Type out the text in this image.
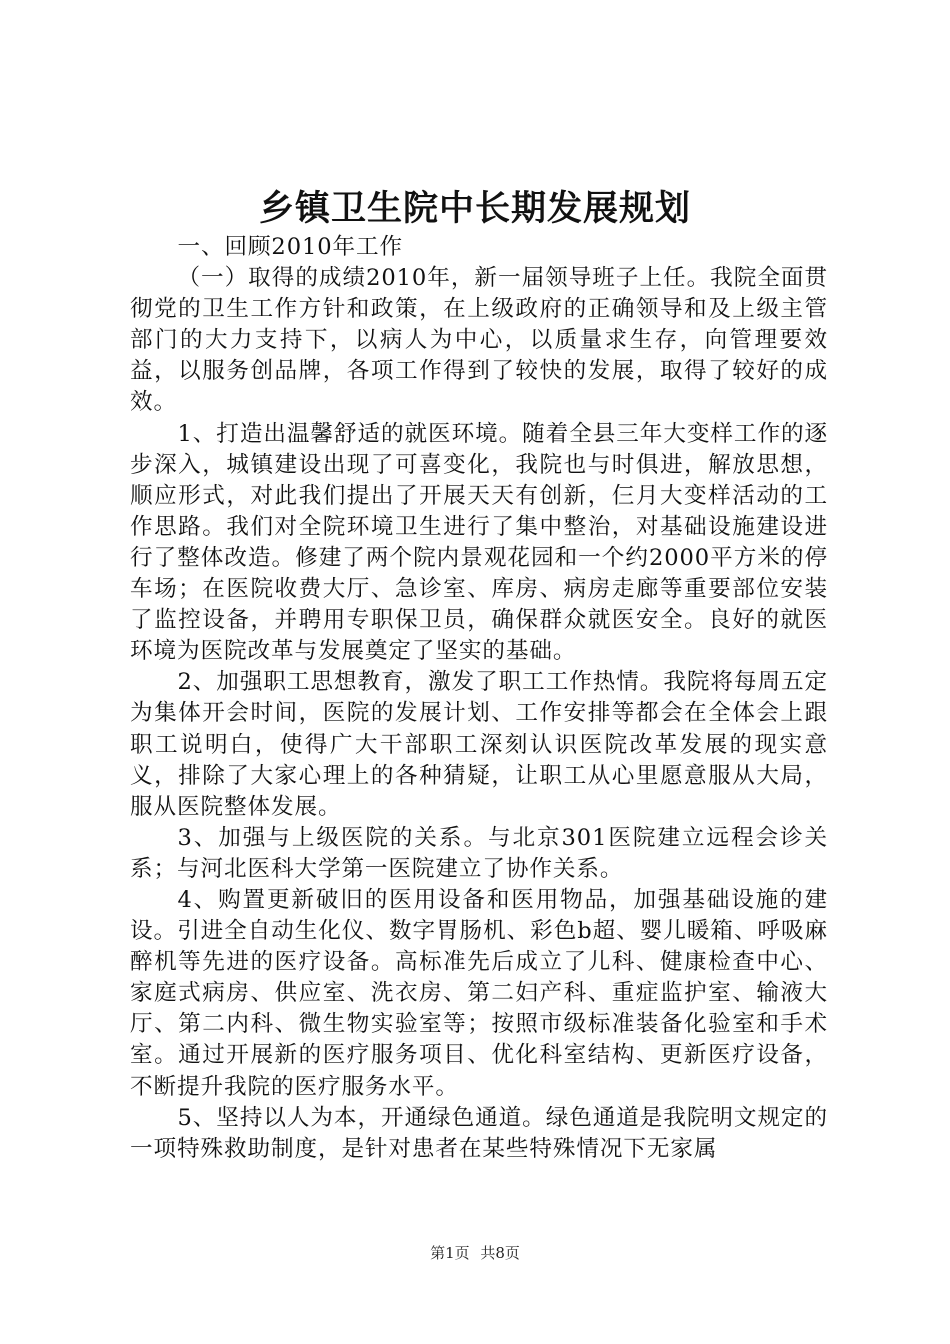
乡镇卫生院中长期发展规划

一、回顾2010年工作

（一）取得的成绩2010年，新一届领导班子上任。我院全面贯彻党的卫生工作方针和政策，在上级政府的正确领导和及上级主管部门的大力支持下，以病人为中心，以质量求生存，向管理要效益，以服务创品牌，各项工作得到了较快的发展，取得了较好的成效。

1、打造出温馨舒适的就医环境。随着全县三年大变样工作的逐步深入，城镇建设出现了可喜变化，我院也与时俱进，解放思想，顺应形式，对此我们提出了开展天天有创新，仨月大变样活动的工作思路。我们对全院环境卫生进行了集中整治，对基础设施建设进行了整体改造。修建了两个院内景观花园和一个约2000平方米的停车场；在医院收费大厅、急诊室、库房、病房走廊等重要部位安装了监控设备，并聘用专职保卫员，确保群众就医安全。良好的就医环境为医院改革与发展奠定了坚实的基础。

2、加强职工思想教育，激发了职工工作热情。我院将每周五定为集体开会时间，医院的发展计划、工作安排等都会在全体会上跟职工说明白，使得广大干部职工深刻认识医院改革发展的现实意义，排除了大家心理上的各种猜疑，让职工从心里愿意服从大局，服从医院整体发展。

3、加强与上级医院的关系。与北京301医院建立远程会诊关系；与河北医科大学第一医院建立了协作关系。

4、购置更新破旧的医用设备和医用物品，加强基础设施的建设。引进全自动生化仪、数字胃肠机、彩色b超、婴儿暖箱、呼吸麻醉机等先进的医疗设备。高标准先后成立了儿科、健康检查中心、家庭式病房、供应室、洗衣房、第二妇产科、重症监护室、输液大厅、第二内科、微生物实验室等；按照市级标准装备化验室和手术室。通过开展新的医疗服务项目、优化科室结构、更新医疗设备，不断提升我院的医疗服务水平。

5、坚持以人为本，开通绿色通道。绿色通道是我院明文规定的一项特殊救助制度，是针对患者在某些特殊情况下无家属

第1页 共8页
